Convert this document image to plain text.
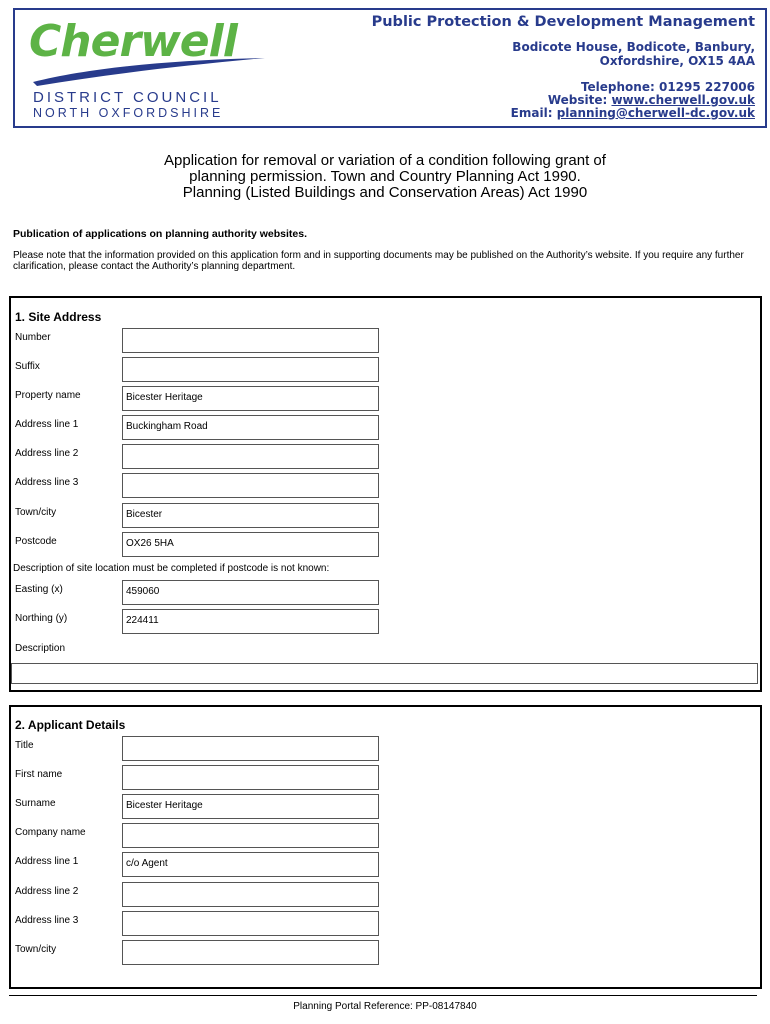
Cherwell
DISTRICT COUNCIL
NORTH OXFORDSHIRE
Public Protection & Development Management
Bodicote House, Bodicote, Banbury,
Oxfordshire, OX15 4AA
Telephone: 01295 227006
Website: www.cherwell.gov.uk
Email: planning@cherwell-dc.gov.uk
Application for removal or variation of a condition following grant of
planning permission. Town and Country Planning Act 1990.
Planning (Listed Buildings and Conservation Areas) Act 1990
Publication of applications on planning authority websites.
Please note that the information provided on this application form and in supporting documents may be published on the Authority’s website. If you require any further clarification, please contact the Authority’s planning department.
1. Site Address
Number
Suffix
Property name	Bicester Heritage
Address line 1	Buckingham Road
Address line 2
Address line 3
Town/city	Bicester
Postcode	OX26 5HA
Description of site location must be completed if postcode is not known:
Easting (x)	459060
Northing (y)	224411
Description
2. Applicant Details
Title
First name
Surname	Bicester Heritage
Company name
Address line 1	c/o Agent
Address line 2
Address line 3
Town/city
Planning Portal Reference: PP-08147840
